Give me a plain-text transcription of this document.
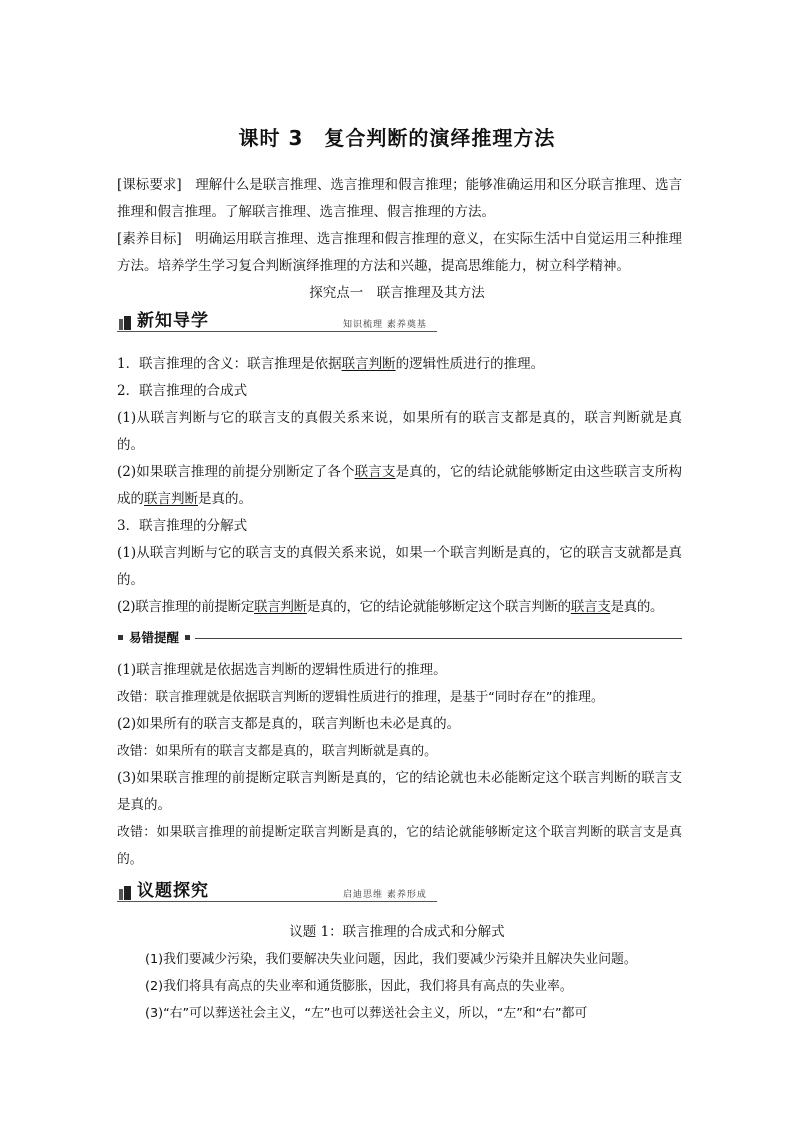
课时 3　复合判断的演绎推理方法
[课标要求]　理解什么是联言推理、选言推理和假言推理；能够准确运用和区分联言推理、选言推理和假言推理。了解联言推理、选言推理、假言推理的方法。
[素养目标]　明确运用联言推理、选言推理和假言推理的意义，在实际生活中自觉运用三种推理方法。培养学生学习复合判断演绎推理的方法和兴趣，提高思维能力，树立科学精神。
探究点一　联言推理及其方法
新知导学	知识梳理 素养奠基
1．联言推理的含义：联言推理是依据联言判断的逻辑性质进行的推理。
2．联言推理的合成式
(1)从联言判断与它的联言支的真假关系来说，如果所有的联言支都是真的，联言判断就是真的。
(2)如果联言推理的前提分别断定了各个联言支是真的，它的结论就能够断定由这些联言支所构成的联言判断是真的。
3．联言推理的分解式
(1)从联言判断与它的联言支的真假关系来说，如果一个联言判断是真的，它的联言支就都是真的。
(2)联言推理的前提断定联言判断是真的，它的结论就能够断定这个联言判断的联言支是真的。
易错提醒
(1)联言推理就是依据选言判断的逻辑性质进行的推理。
改错：联言推理就是依据联言判断的逻辑性质进行的推理，是基于“同时存在”的推理。
(2)如果所有的联言支都是真的，联言判断也未必是真的。
改错：如果所有的联言支都是真的，联言判断就是真的。
(3)如果联言推理的前提断定联言判断是真的，它的结论就也未必能断定这个联言判断的联言支是真的。
改错：如果联言推理的前提断定联言判断是真的，它的结论就能够断定这个联言判断的联言支是真的。
议题探究	启迪思维 素养形成
议题 1：联言推理的合成式和分解式
(1)我们要减少污染，我们要解决失业问题，因此，我们要减少污染并且解决失业问题。
(2)我们将具有高点的失业率和通货膨胀，因此，我们将具有高点的失业率。
(3)“右”可以葬送社会主义，“左”也可以葬送社会主义，所以，“左”和“右”都可
